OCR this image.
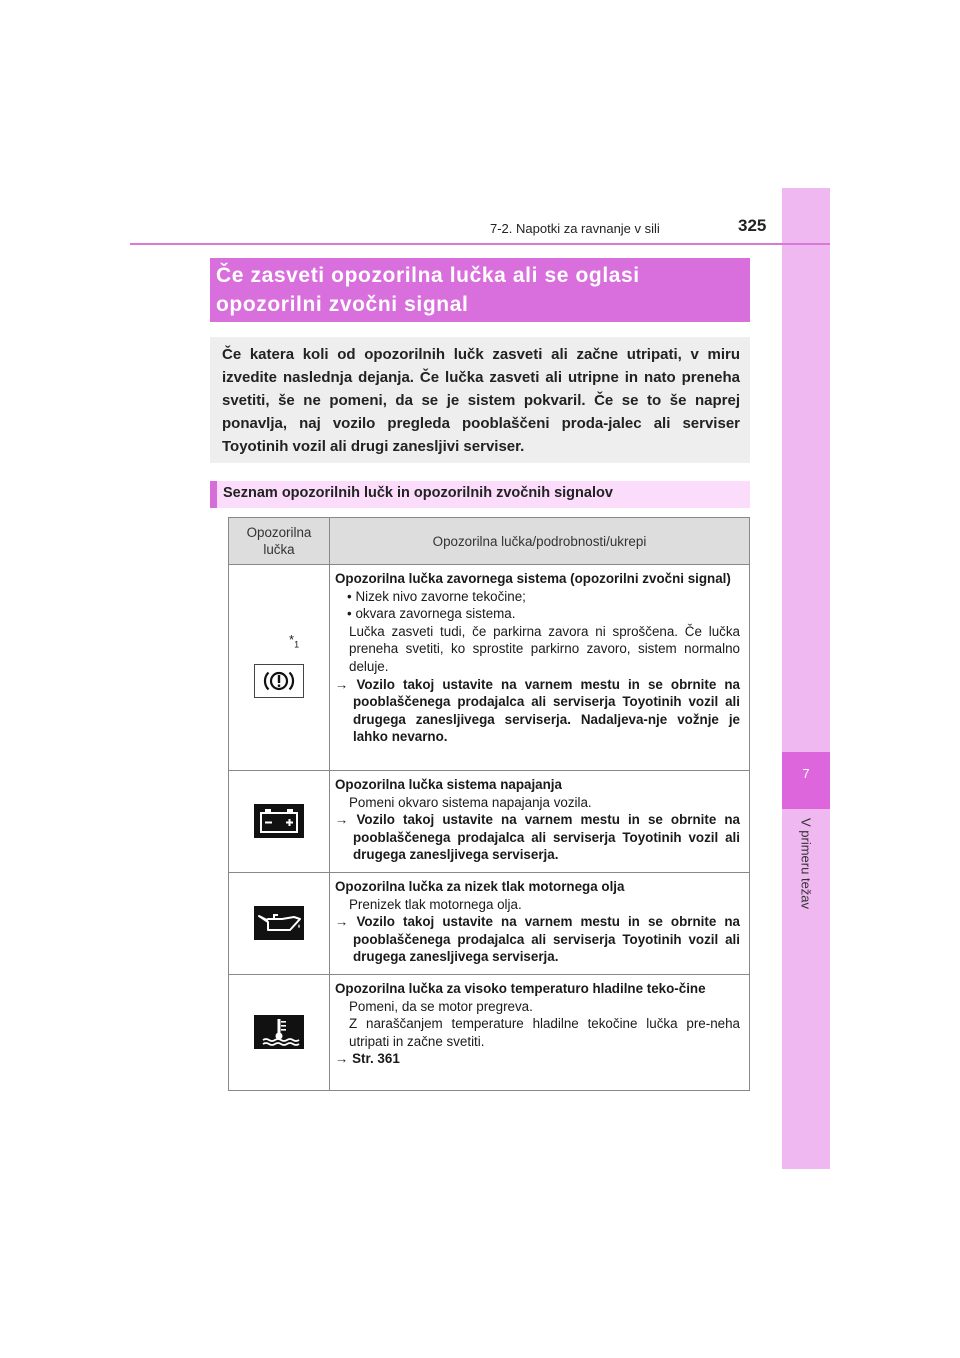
7
V primeru težav
7-2. Napotki za ravnanje v sili	325
Če zasveti opozorilna lučka ali se oglasi opozorilni zvočni signal
Če katera koli od opozorilnih lučk zasveti ali začne utripati, v miru izvedite naslednja dejanja. Če lučka zasveti ali utripne in nato preneha svetiti, še ne pomeni, da se je sistem pokvaril. Če se to še naprej ponavlja, naj vozilo pregleda pooblaščeni proda-jalec ali serviser Toyotinih vozil ali drugi zanesljivi serviser.
Seznam opozorilnih lučk in opozorilnih zvočnih signalov
Opozorilna
lučka	Opozorilna lučka/podrobnosti/ukrepi

$*_1$	Opozorilna lučka zavornega sistema (opozorilni zvočni signal)
• Nizek nivo zavorne tekočine;
• okvara zavornega sistema.
Lučka zasveti tudi, če parkirna zavora ni sproščena. Če lučka preneha svetiti, ko sprostite parkirno zavoro, sistem normalno deluje.
→ Vozilo takoj ustavite na varnem mestu in se obrnite na pooblaščenega prodajalca ali serviserja Toyotinih vozil ali drugega zanesljivega serviserja. Nadaljeva-nje vožnje je lahko nevarno.

Opozorilna lučka sistema napajanja
Pomeni okvaro sistema napajanja vozila.
→ Vozilo takoj ustavite na varnem mestu in se obrnite na pooblaščenega prodajalca ali serviserja Toyotinih vozil ali drugega zanesljivega serviserja.

Opozorilna lučka za nizek tlak motornega olja
Prenizek tlak motornega olja.
→ Vozilo takoj ustavite na varnem mestu in se obrnite na pooblaščenega prodajalca ali serviserja Toyotinih vozil ali drugega zanesljivega serviserja.

Opozorilna lučka za visoko temperaturo hladilne teko-čine
Pomeni, da se motor pregreva.
Z naraščanjem temperature hladilne tekočine lučka pre-neha utripati in začne svetiti.
→ Str. 361
